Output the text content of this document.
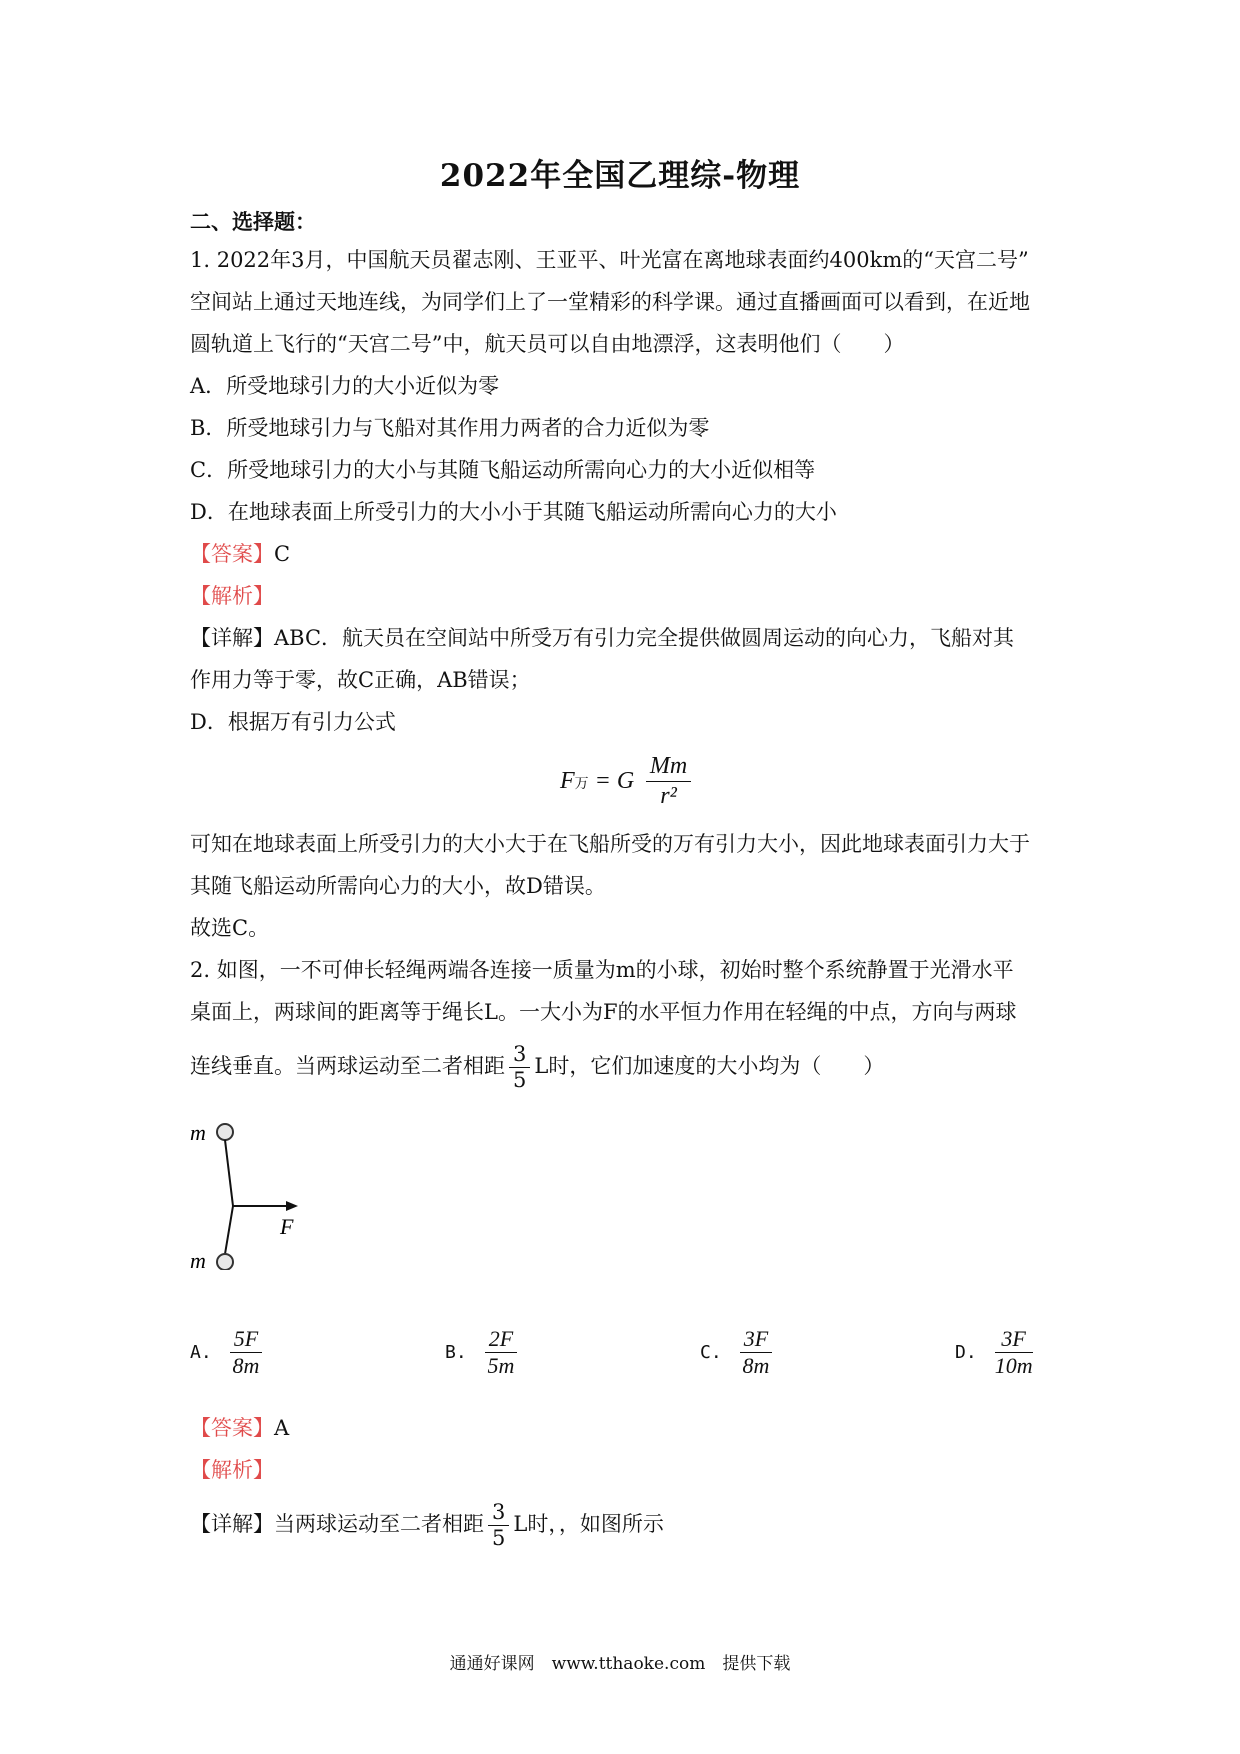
2022年全国乙理综-物理
二、选择题：
1. 2022年3月，中国航天员翟志刚、王亚平、叶光富在离地球表面约400km的“天宫二号”
空间站上通过天地连线，为同学们上了一堂精彩的科学课。通过直播画面可以看到，在近地
圆轨道上飞行的“天宫二号”中，航天员可以自由地漂浮，这表明他们（　　）
A．所受地球引力的大小近似为零
B．所受地球引力与飞船对其作用力两者的合力近似为零
C．所受地球引力的大小与其随飞船运动所需向心力的大小近似相等
D．在地球表面上所受引力的大小小于其随飞船运动所需向心力的大小
【答案】C
【解析】
【详解】ABC．航天员在空间站中所受万有引力完全提供做圆周运动的向心力，飞船对其
作用力等于零，故C正确，AB错误；
D．根据万有引力公式
F万 = G $\frac{Mm}{\text{r²}}$
可知在地球表面上所受引力的大小大于在飞船所受的万有引力大小，因此地球表面引力大于
其随飞船运动所需向心力的大小，故D错误。
故选C。
2. 如图，一不可伸长轻绳两端各连接一质量为m的小球，初始时整个系统静置于光滑水平
桌面上，两球间的距离等于绳长L。一大小为F的水平恒力作用在轻绳的中点，方向与两球
连线垂直。当两球运动至二者相距 $\frac{3}{5}$ L时，它们加速度的大小均为（　　）
m
F
m
A. $\frac{5F}{8m}$	B. $\frac{2F}{5m}$	C. $\frac{3F}{8m}$	D. $\frac{3F}{10m}$
【答案】A
【解析】
【详解】当两球运动至二者相距 $\frac{3}{5}$ L时，，如图所示
通通好课网　www.tthaoke.com　提供下载
